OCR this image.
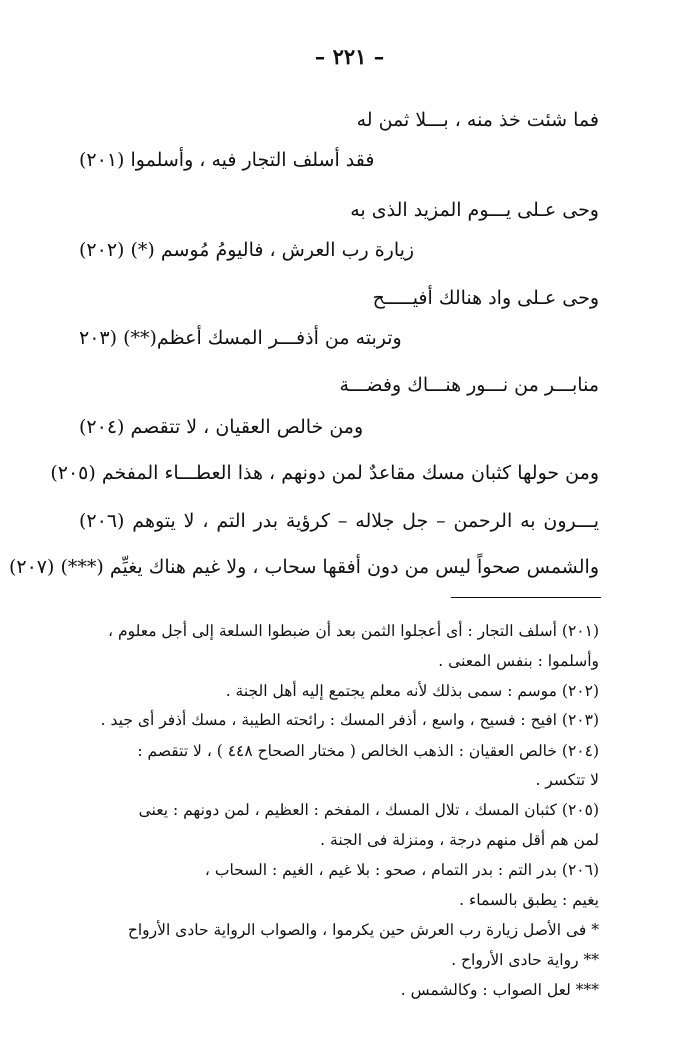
– ٢٢١ –
فما شئت خذ منه ، بـــلا ثمن له
فقد أسلف التجار فيه ، وأسلموا (٢٠١)
وحى عـلى يـــوم المزيد الذى به
زيارة رب العرش ، فاليومُ مُوسم (*) (٢٠٢)
وحى عـلى واد هنالك أفيـــــح
وتربته من أذفـــر المسك أعظم(**) (٢٠٣
منابـــر من نـــور هنـــاك وفضـــة
ومن خالص العقيان ، لا تتقصم (٢٠٤)
ومن حولها كثبان مسك مقاعدٌ لمن دونهم ، هذا العطـــاء المفخم (٢٠٥)
يـــرون به الرحمن – جل جلاله – كرؤية بدر التم ، لا يتوهم (٢٠٦)
والشمس صحواً ليس من دون أفقها سحاب ، ولا غيم هناك يغيِّم (***) (٢٠٧)
(٢٠١) أسلف التجار : أى أعجلوا الثمن بعد أن ضبطوا السلعة إلى أجل معلوم ،
وأسلموا : بنفس المعنى .
(٢٠٢) موسم : سمى بذلك لأنه معلم يجتمع إليه أهل الجنة .
(٢٠٣) افيح : فسيح ، واسع ، أذفر المسك : رائحته الطيبة ، مسك أذفر أى جيد .
(٢٠٤) خالص العقيان : الذهب الخالص ( مختار الصحاح ٤٤٨ ) ، لا تتقصم :
لا تتكسر .
(٢٠٥) كثبان المسك ، تلال المسك ، المفخم : العظيم ، لمن دونهم : يعنى
لمن هم أقل منهم درجة ، ومنزلة فى الجنة .
(٢٠٦) بدر التم : بدر التمام ، صحو : بلا غيم ، الغيم : السحاب ،
يغيم : يطبق بالسماء .
* فى الأصل زيارة رب العرش حين يكرموا ، والصواب الرواية حادى الأرواح
** رواية حادى الأرواح .
*** لعل الصواب : وكالشمس .
